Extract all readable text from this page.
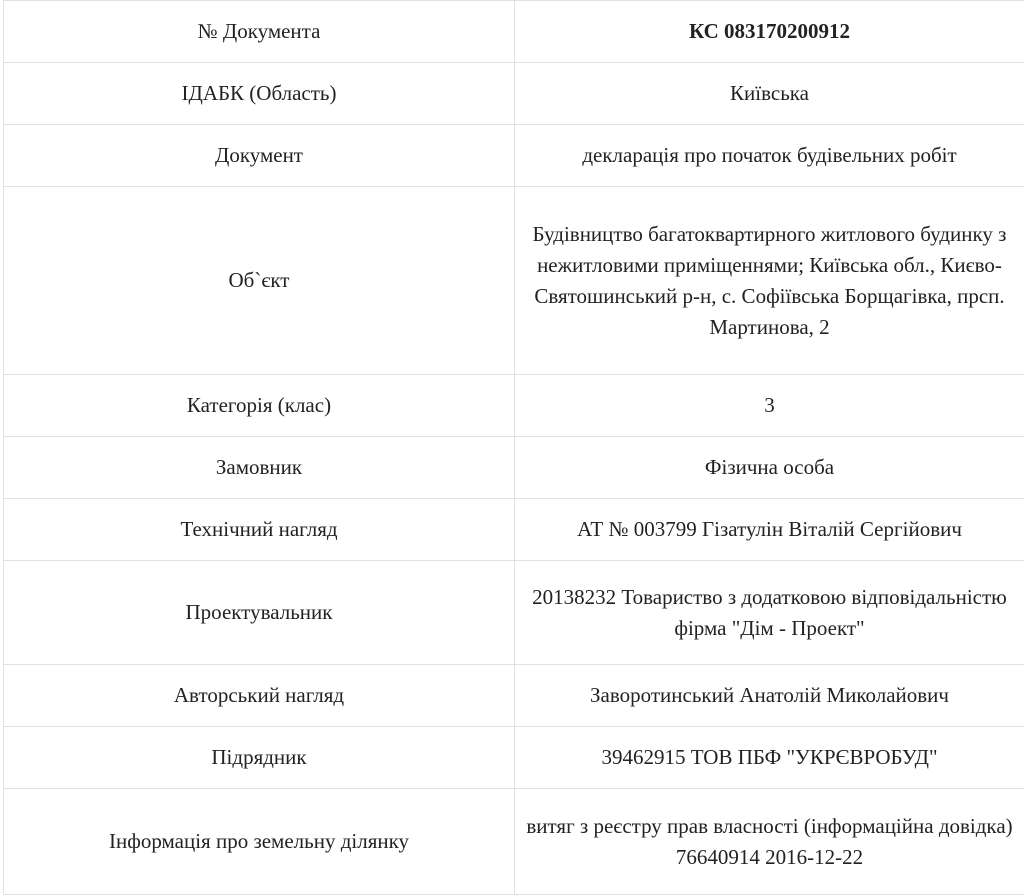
№ Документа	КС 083170200912
ІДАБК (Область)	Київська
Документ	декларація про початок будівельних робіт
Об`єкт	Будівництво багатоквартирного житлового будинку з нежитловими приміщеннями; Київська обл., Києво-Святошинський р-н, с. Софіївська Борщагівка, прсп. Мартинова, 2
Категорія (клас)	3
Замовник	Фізична особа
Технічний нагляд	АТ № 003799 Гізатулін Віталій Сергійович
Проектувальник	20138232 Товариство з додатковою відповідальністю фірма "Дім - Проект"
Авторський нагляд	Заворотинський Анатолій Миколайович
Підрядник	39462915 ТОВ ПБФ "УКРЄВРОБУД"
Інформація про земельну ділянку	витяг з реєстру прав власності (інформаційна довідка) 76640914 2016-12-22
